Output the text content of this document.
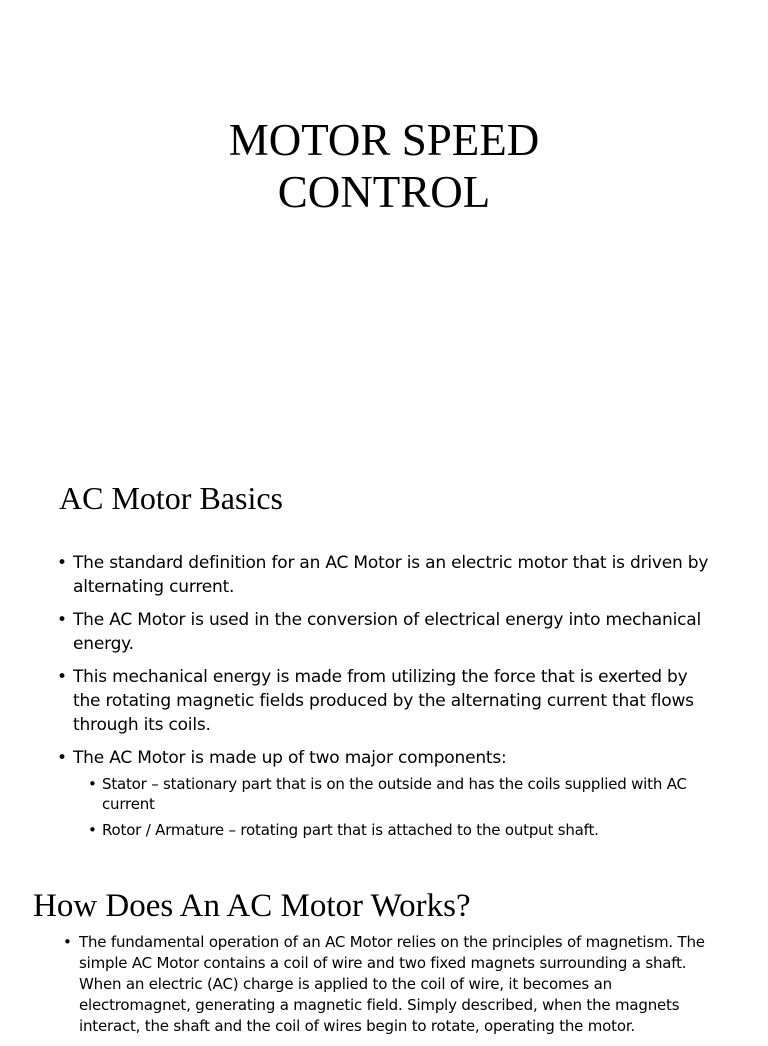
MOTOR SPEED
CONTROL
AC Motor Basics
• The standard definition for an AC Motor is an electric motor that is driven by alternating current.
• The AC Motor is used in the conversion of electrical energy into mechanical energy.
• This mechanical energy is made from utilizing the force that is exerted by the rotating magnetic fields produced by the alternating current that flows through its coils.
• The AC Motor is made up of two major components:
• Stator – stationary part that is on the outside and has the coils supplied with AC current
• Rotor / Armature – rotating part that is attached to the output shaft.
How Does An AC Motor Works?
• The fundamental operation of an AC Motor relies on the principles of magnetism. The simple AC Motor contains a coil of wire and two fixed magnets surrounding a shaft. When an electric (AC) charge is applied to the coil of wire, it becomes an electromagnet, generating a magnetic field. Simply described, when the magnets interact, the shaft and the coil of wires begin to rotate, operating the motor.
